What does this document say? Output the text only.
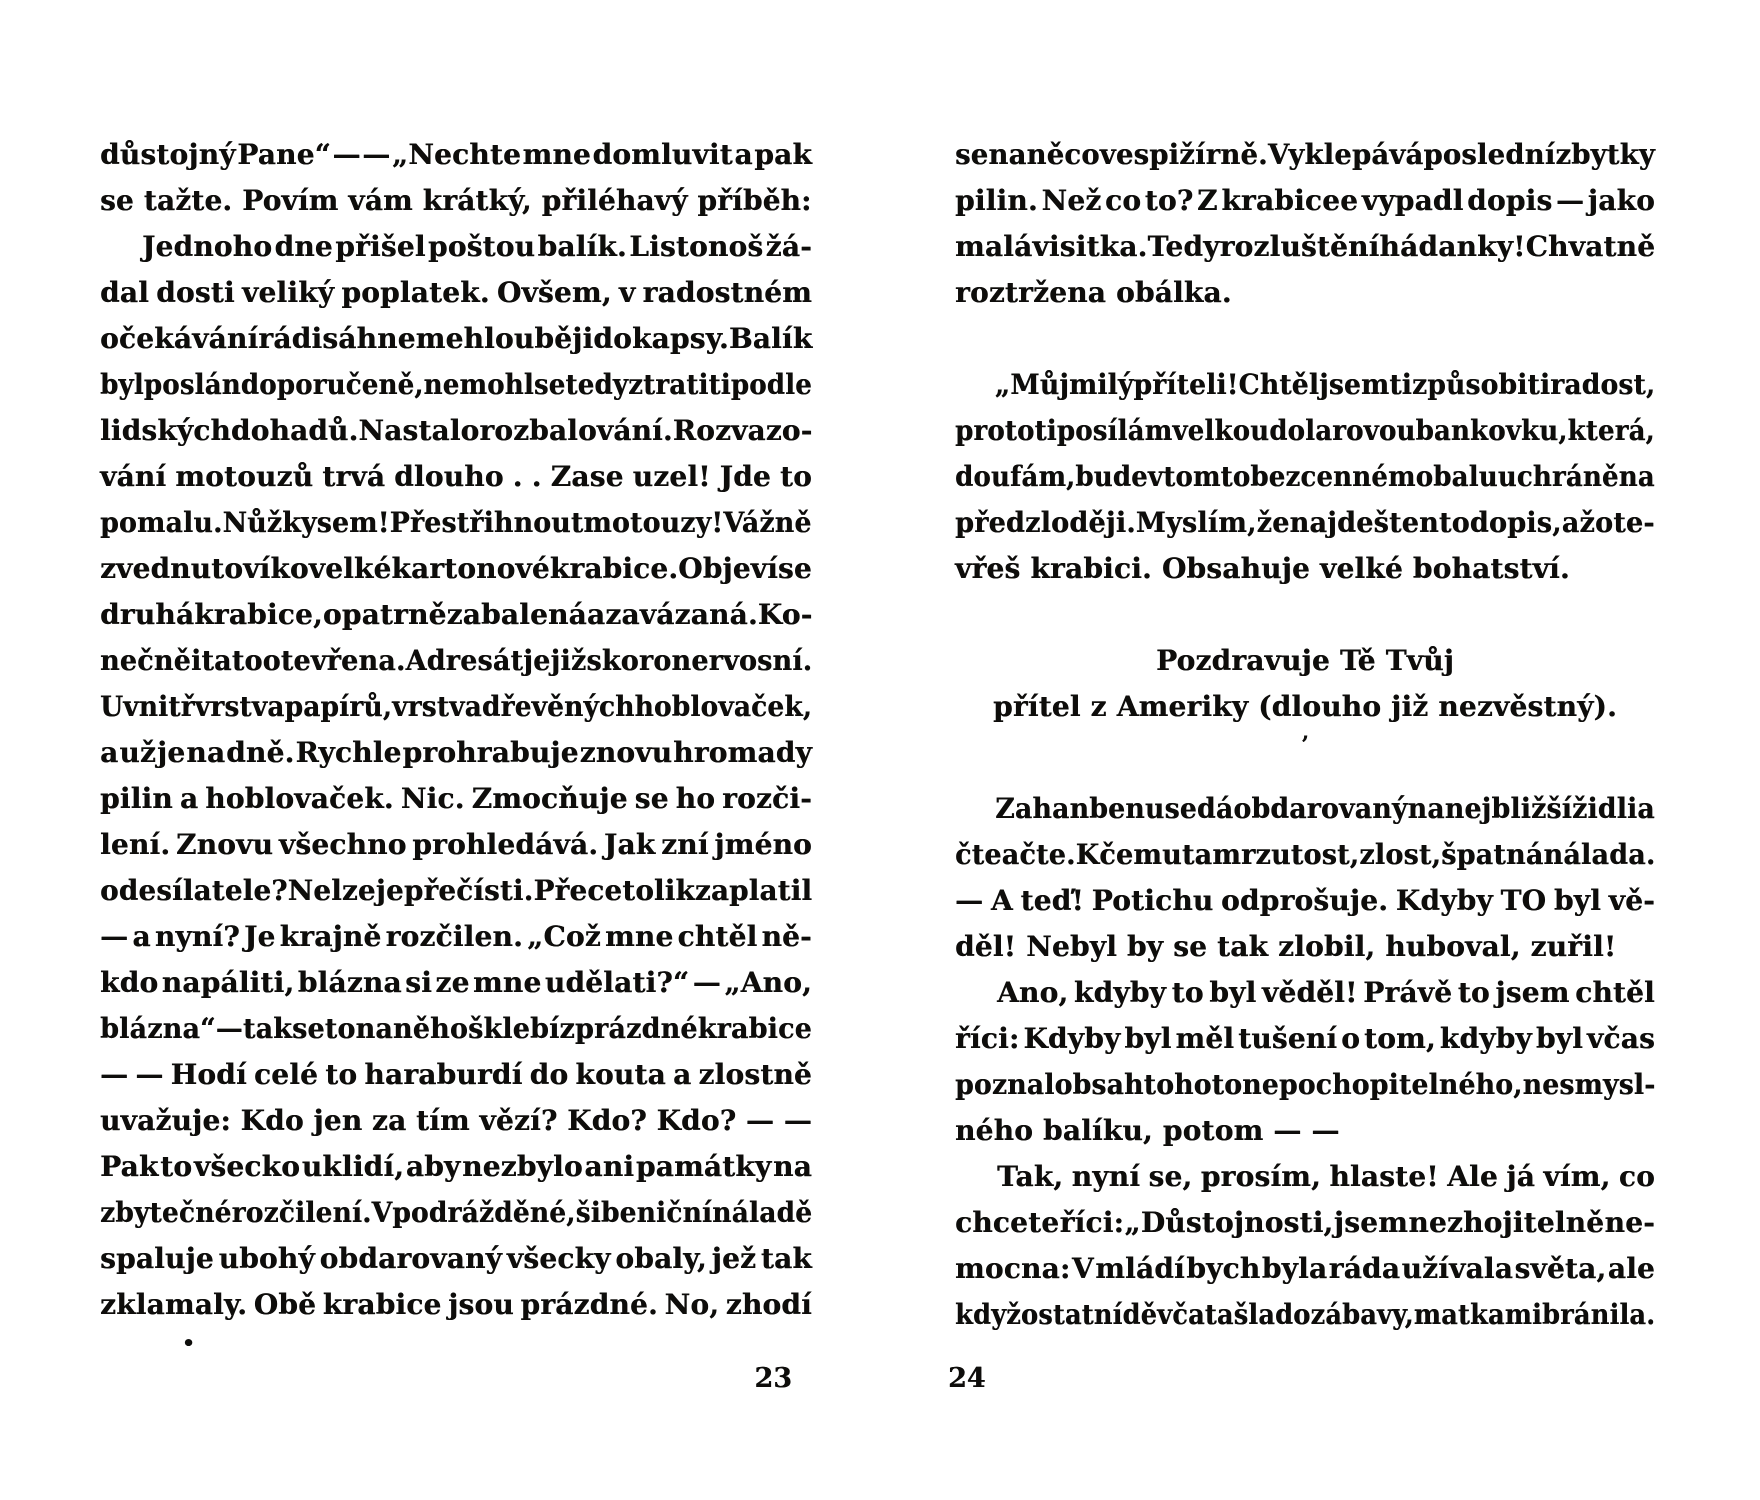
důstojný Pane“ — — „Nechte mne domluvit a pak
se tažte. Povím vám krátký, přiléhavý příběh:
Jednoho dne přišel poštou balík. Listonoš žá-
dal dosti veliký poplatek. Ovšem, v radostném
očekávání rádi sáhneme hlouběji do kapsy. Balík
byl poslán doporučeně, nemohl se tedy ztratiti podle
lidských dohadů. Nastalo rozbalování. Rozvazo-
vání motouzů trvá dlouho . . Zase uzel! Jde to
pomalu. Nůžky sem! Přestřihnout motouzy! Vážně
zvednuto víko velké kartonové krabice. Objeví se
druhá krabice, opatrně zabalená a zavázaná. Ko-
nečně i tato otevřena. Adresát je již skoro nervosní.
Uvnitř vrstva papírů, vrstva dřevěných hoblovaček,
a už je na dně. Rychle prohrabuje znovu hromady
pilin a hoblovaček. Nic. Zmocňuje se ho rozči-
lení. Znovu všechno prohledává. Jak zní jméno
odesílatele? Nelze je přečísti. Přece tolik zaplatil
— a nyní? Je krajně rozčilen. „Což mne chtěl ně-
kdo napáliti, blázna si ze mne udělati?“ — „Ano,
blázna“ — tak se to na něho šklebí z prázdné krabice
— — Hodí celé to haraburdí do kouta a zlostně
uvažuje: Kdo jen za tím vězí? Kdo? Kdo? — —
Pak to všecko uklidí, aby nezbylo ani památky na
zbytečné rozčilení. V podrážděné, šibeniční náladě
spaluje ubohý obdarovaný všecky obaly, jež tak
zklamaly. Obě krabice jsou prázdné. No, zhodí
•
se na něco ve spižírně. Vyklepává poslední zbytky
pilin. Než co to? Z krabicee vypadl dopis — jako
malá visitka. Tedy rozluštění hádanky! Chvatně
roztržena obálka.
„Můj milý příteli! Chtěl jsem ti způsobiti radost,
proto ti posílám velkou dolarovou bankovku, která,
doufám, bude v tomto bezcenném obalu uchráněna
před zloději. Myslím, že najdeš tento dopis, až ote-
vřeš krabici. Obsahuje velké bohatství.
Pozdravuje Tě Tvůj
přítel z Ameriky (dlouho již nezvěstný).
’
Zahanben usedá obdarovaný na nejbližší židli a
čte a čte. K čemu ta mrzutost, zlost, špatná nálada.
— A teď! Potichu odprošuje. Kdyby TO byl vě-
děl! Nebyl by se tak zlobil, huboval, zuřil!
Ano, kdyby to byl věděl! Právě to jsem chtěl
říci: Kdyby byl měl tušení o tom, kdyby byl včas
poznal obsah tohoto nepochopitelného, nesmysl-
ného balíku, potom — —
Tak, nyní se, prosím, hlaste! Ale já vím, co
chcete říci: „Důstojnosti, jsem nezhojitelně ne-
mocna: V mládí bych byla ráda užívala světa, ale
když ostatní děvčata šla do zábavy, matka mi bránila.
23	24
